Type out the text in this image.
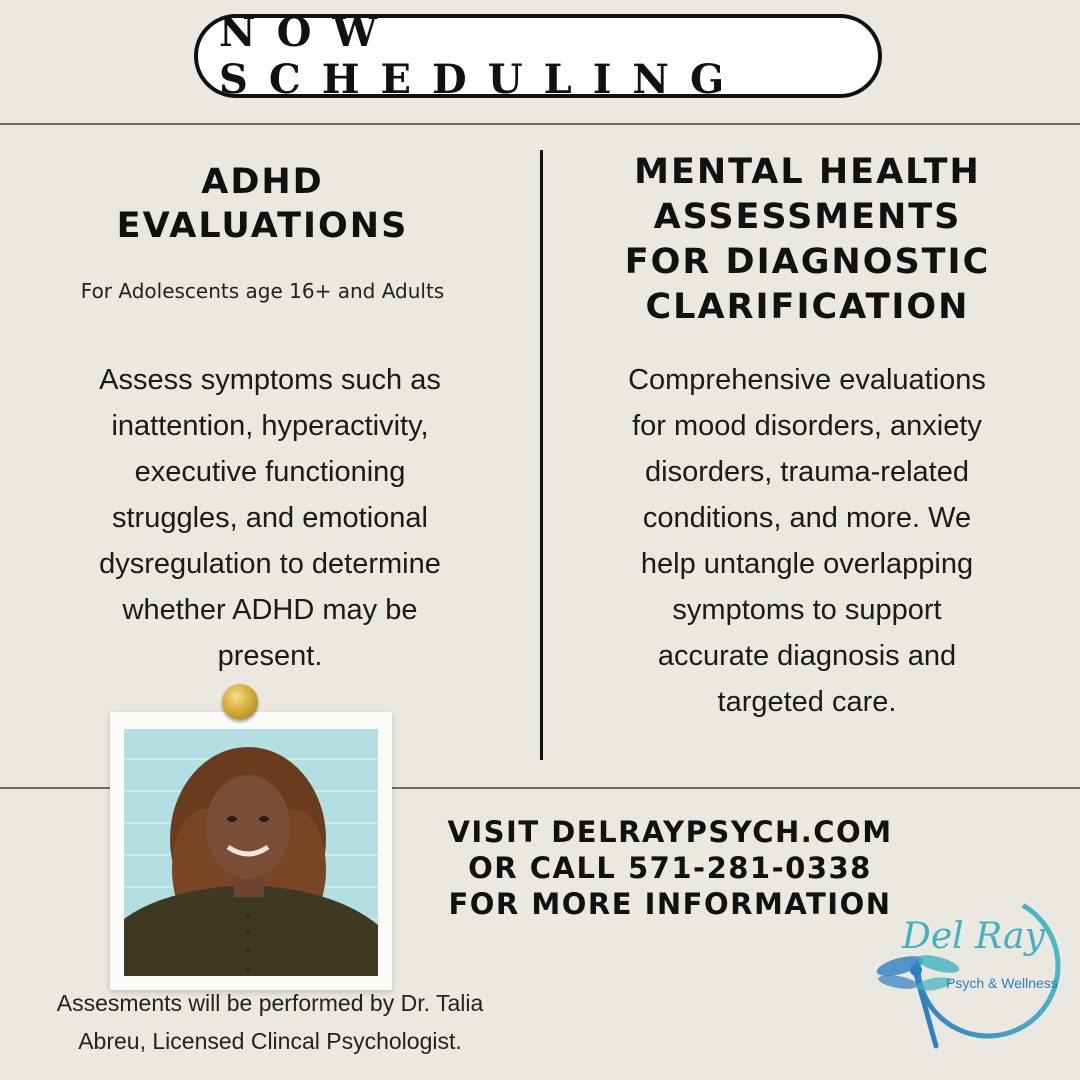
NOW SCHEDULING
ADHD
EVALUATIONS

For Adolescents age 16+ and Adults

Assess symptoms such as
inattention, hyperactivity,
executive functioning
struggles, and emotional
dysregulation to determine
whether ADHD may be
present.
MENTAL HEALTH
ASSESSMENTS
FOR DIAGNOSTIC
CLARIFICATION
Comprehensive evaluations
for mood disorders, anxiety
disorders, trauma-related
conditions, and more. We
help untangle overlapping
symptoms to support
accurate diagnosis and
targeted care.
VISIT DELRAYPSYCH.COM
OR CALL 571-281-0338
FOR MORE INFORMATION
Assesments will be performed by Dr. Talia
Abreu, Licensed Clincal Psychologist.
Del Ray
Psych & Wellness
